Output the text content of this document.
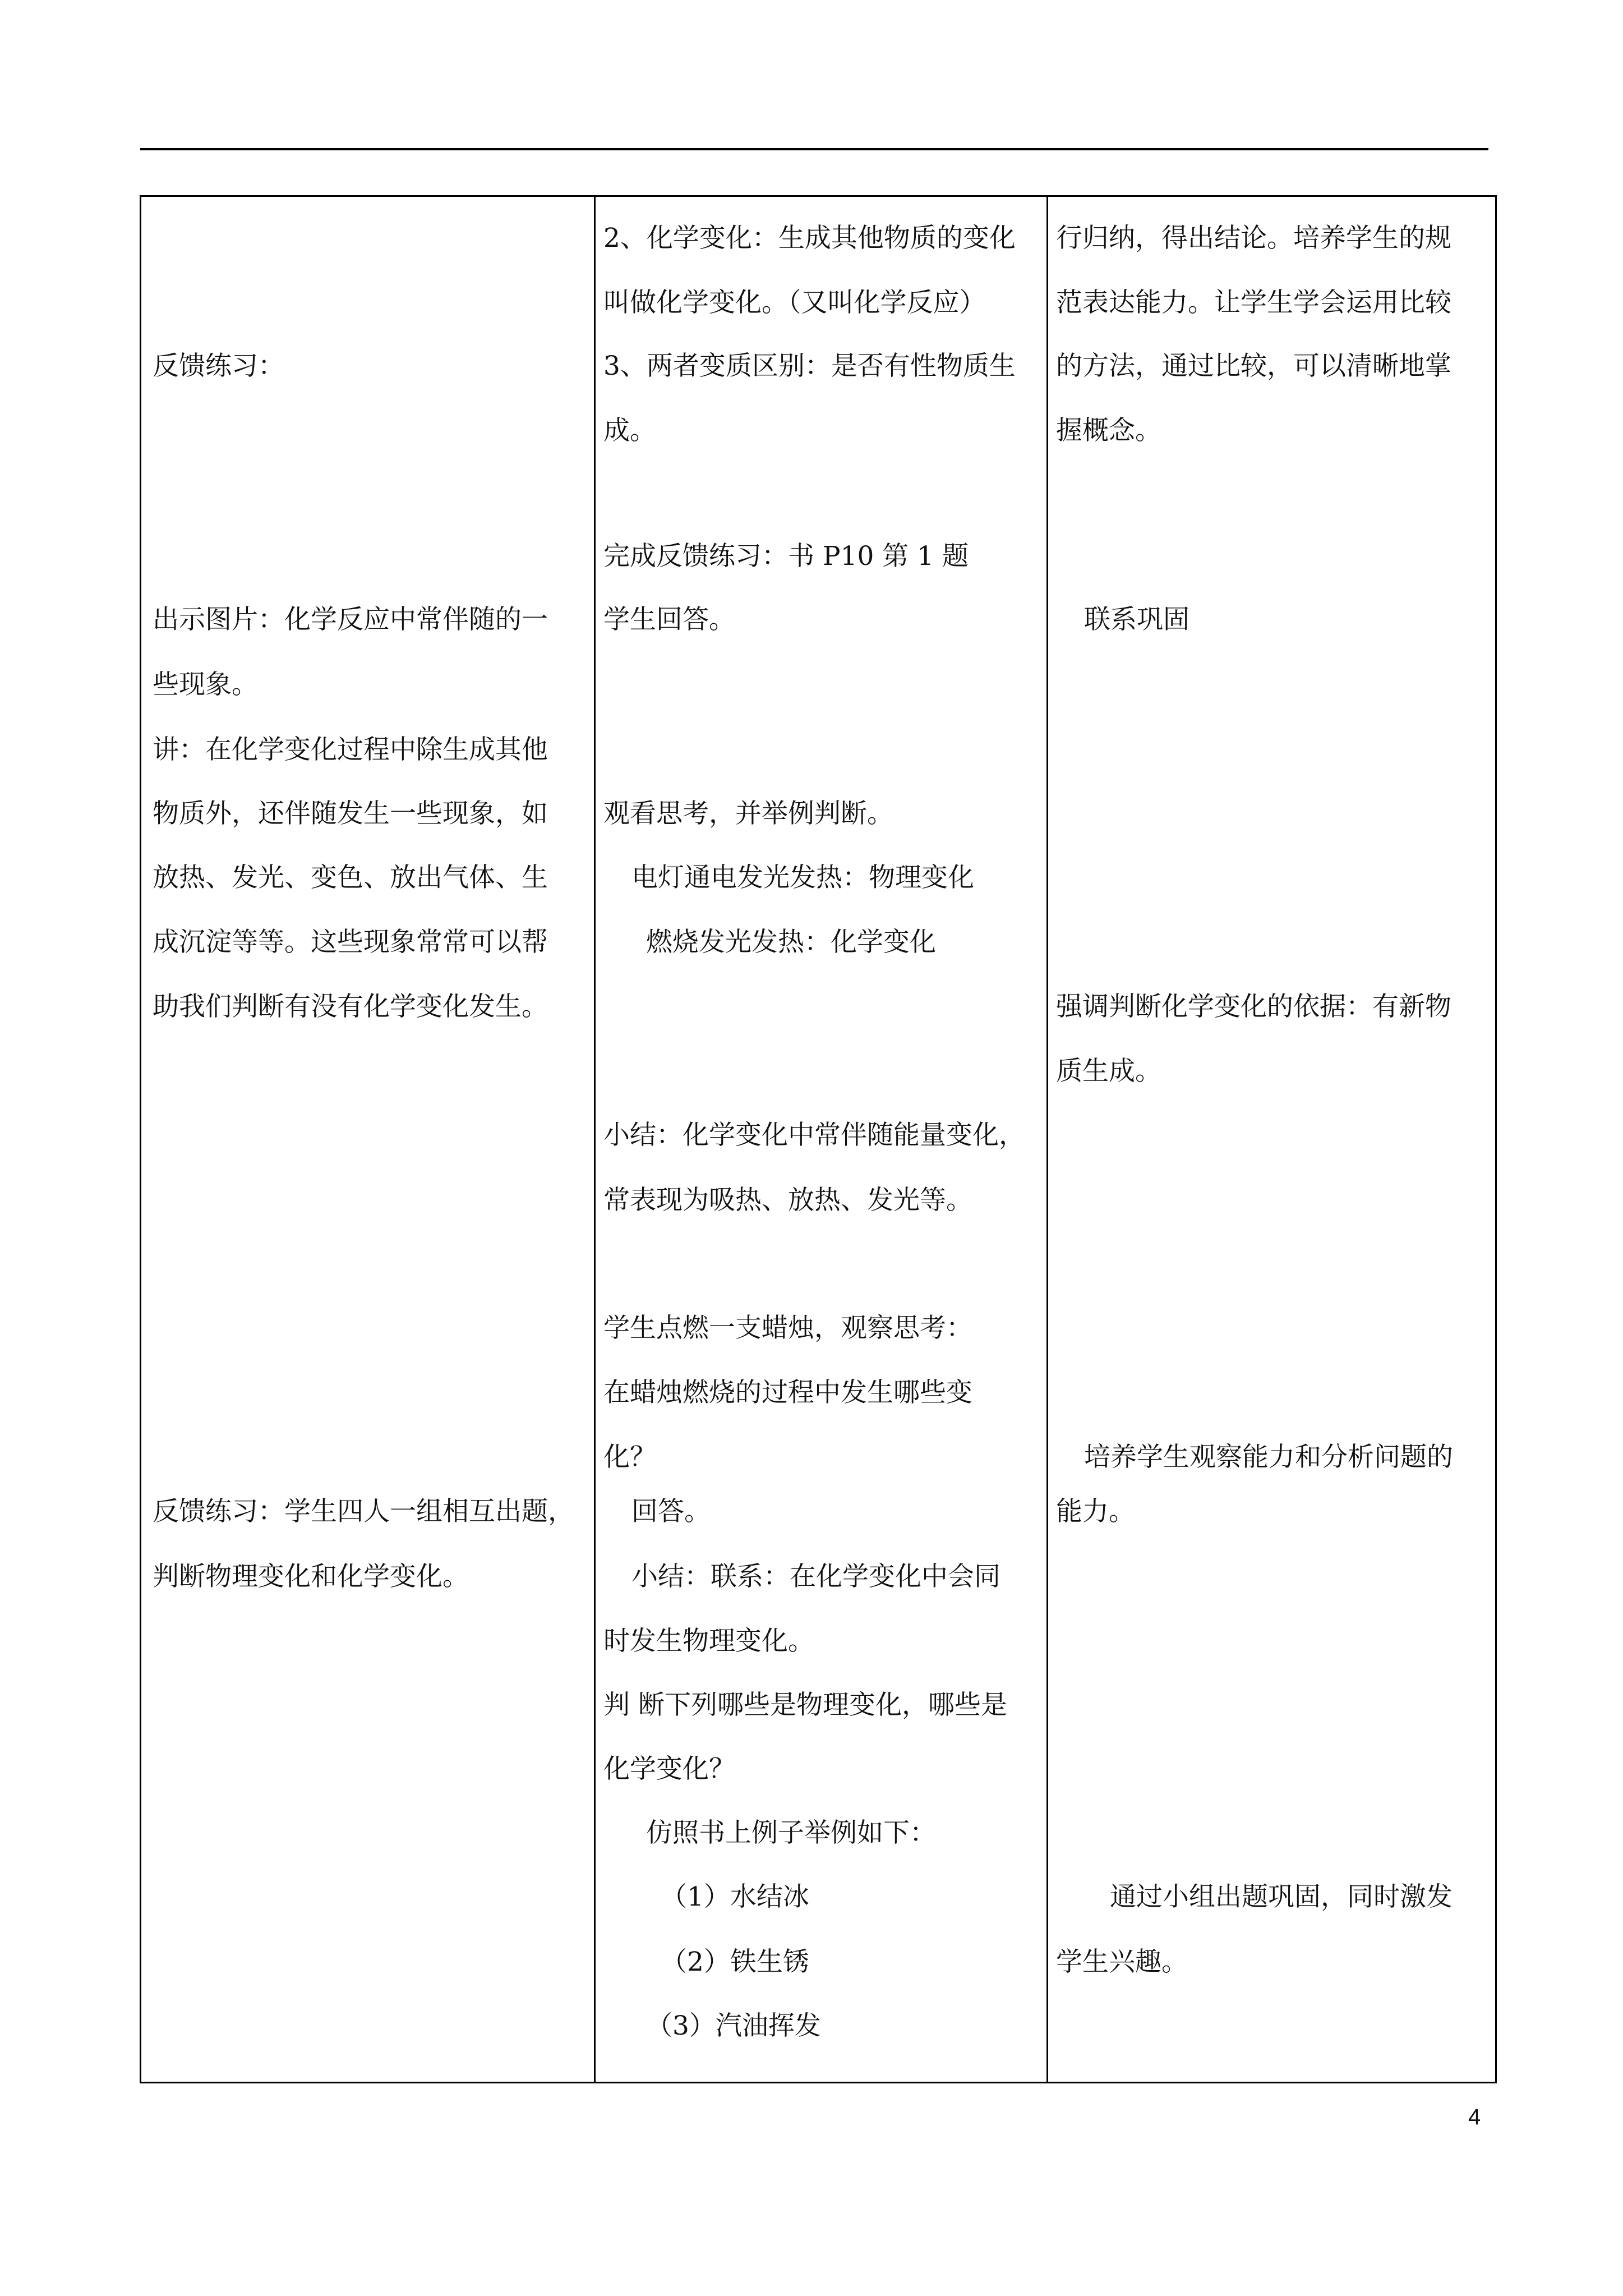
反馈练习：
出示图片：化学反应中常伴随的一
些现象。
讲：在化学变化过程中除生成其他
物质外，还伴随发生一些现象，如
放热、发光、变色、放出气体、生
成沉淀等等。这些现象常常可以帮
助我们判断有没有化学变化发生。
反馈练习：学生四人一组相互出题，
判断物理变化和化学变化。
2、化学变化：生成其他物质的变化
叫做化学变化。（又叫化学反应）
3、两者变质区别：是否有性物质生
成。
完成反馈练习：书 P10 第 1 题
学生回答。
观看思考，并举例判断。
电灯通电发光发热：物理变化
燃烧发光发热：化学变化
小结：化学变化中常伴随能量变化，
常表现为吸热、放热、发光等。
学生点燃一支蜡烛，观察思考：
在蜡烛燃烧的过程中发生哪些变
化？
回答。
小结：联系：在化学变化中会同
时发生物理变化。
判 断下列哪些是物理变化，哪些是
化学变化？
仿照书上例子举例如下：
（1）水结冰
（2）铁生锈
（3）汽油挥发
行归纳，得出结论。培养学生的规
范表达能力。让学生学会运用比较
的方法，通过比较，可以清晰地掌
握概念。
联系巩固
强调判断化学变化的依据：有新物
质生成。
培养学生观察能力和分析问题的
能力。
通过小组出题巩固，同时激发
学生兴趣。
4
